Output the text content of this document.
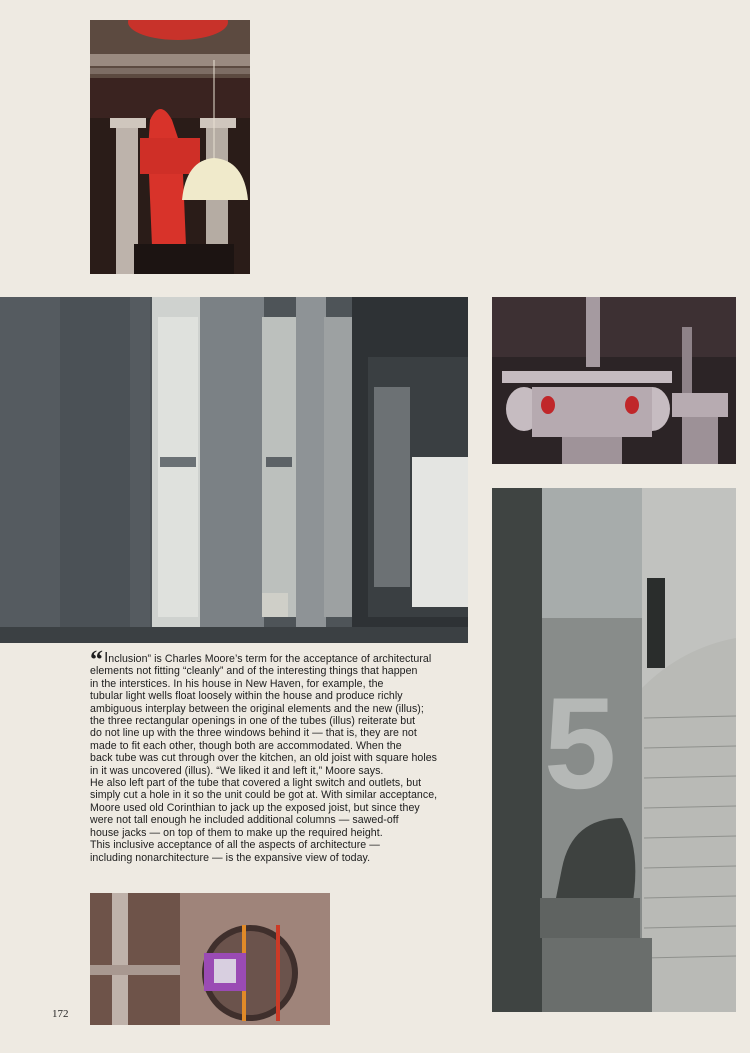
5

“Inclusion” is Charles Moore’s term for the acceptance of architectural
elements not fitting “cleanly” and of the interesting things that happen
in the interstices. In his house in New Haven, for example, the
tubular light wells float loosely within the house and produce richly
ambiguous interplay between the original elements and the new (illus);
the three rectangular openings in one of the tubes (illus) reiterate but
do not line up with the three windows behind it — that is, they are not
made to fit each other, though both are accommodated. When the
back tube was cut through over the kitchen, an old joist with square holes
in it was uncovered (illus). “We liked it and left it,” Moore says.
He also left part of the tube that covered a light switch and outlets, but
simply cut a hole in it so the unit could be got at. With similar acceptance,
Moore used old Corinthian to jack up the exposed joist, but since they
were not tall enough he included additional columns — sawed-off
house jacks — on top of them to make up the required height.
This inclusive acceptance of all the aspects of architecture —
including nonarchitecture — is the expansive view of today.

172
